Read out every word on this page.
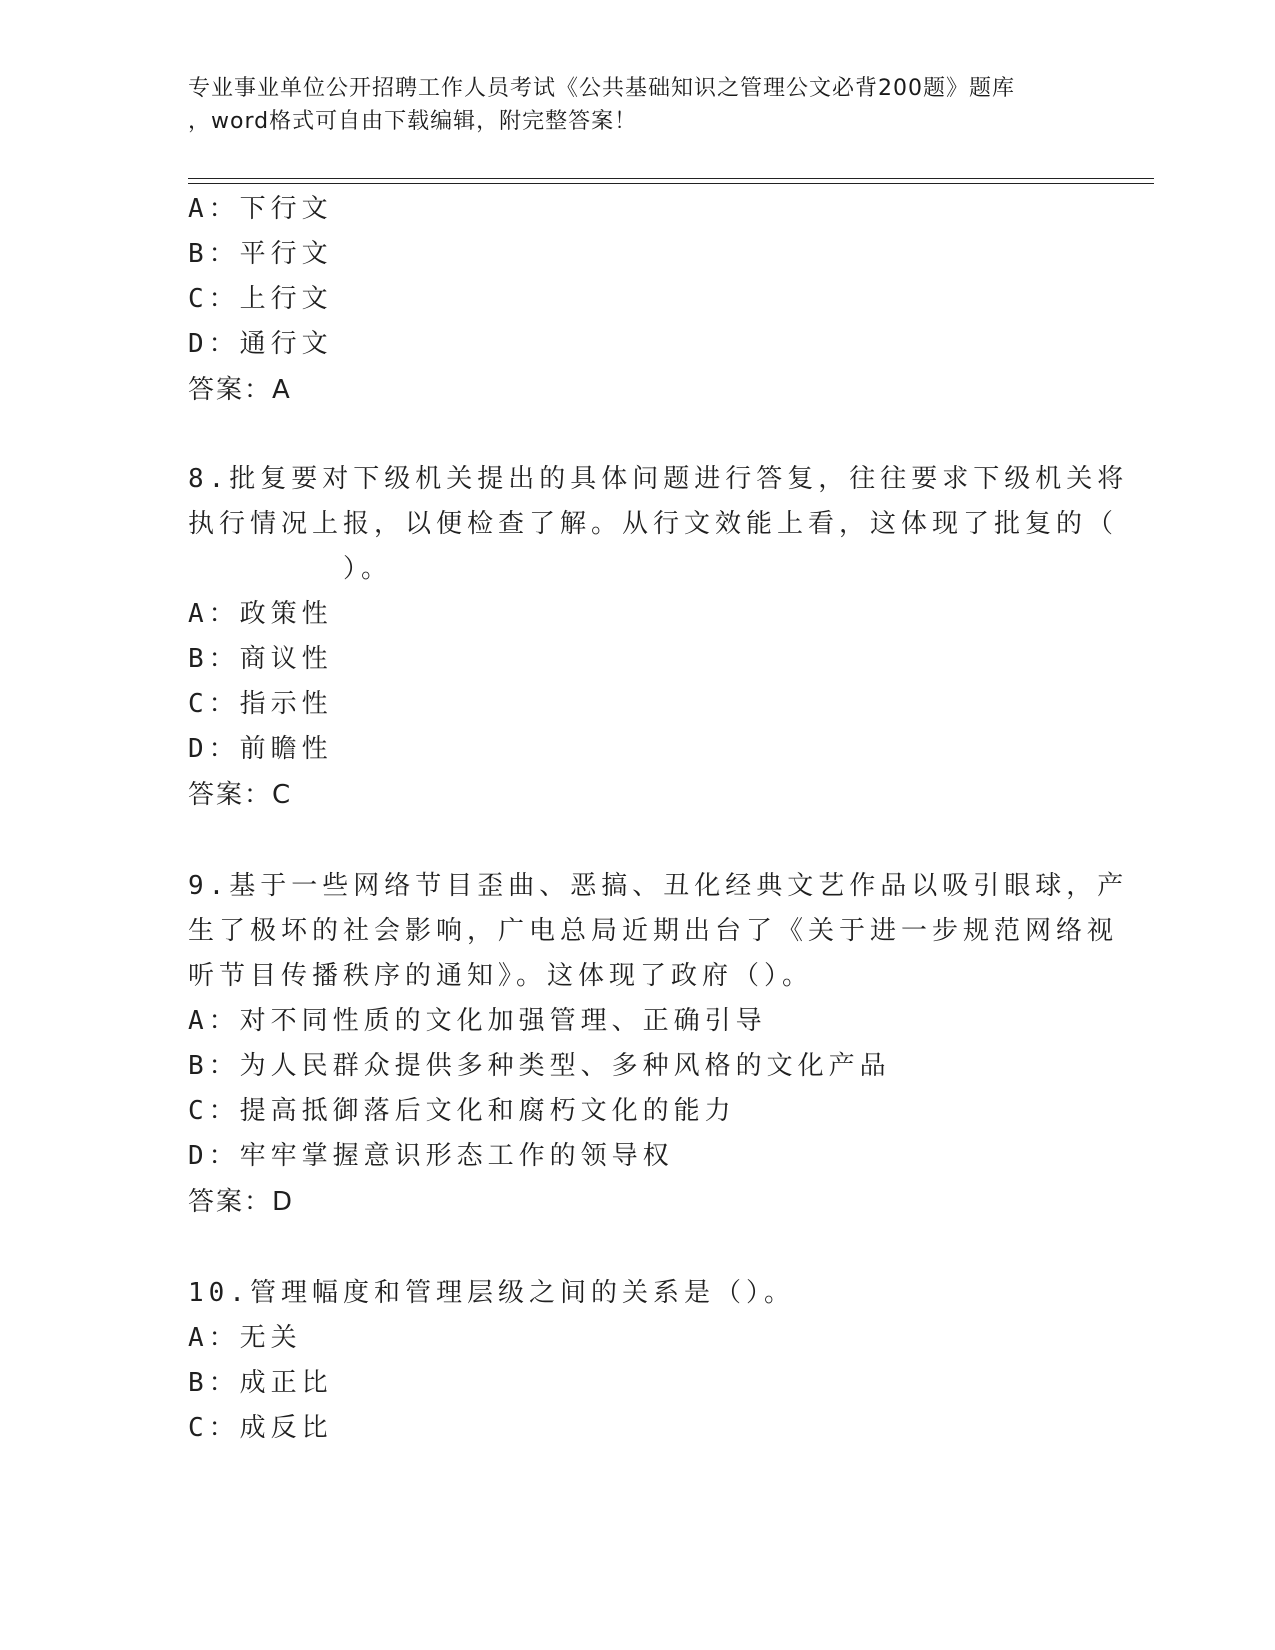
专业事业单位公开招聘工作人员考试《公共基础知识之管理公文必背200题》题库
，word格式可自由下载编辑，附完整答案！
A：下行文
B：平行文
C：上行文
D：通行文
答案：A
8.批复要对下级机关提出的具体问题进行答复，往往要求下级机关将
执行情况上报，以便检查了解。从行文效能上看，这体现了批复的（
　　　　　）。
A：政策性
B：商议性
C：指示性
D：前瞻性
答案：C
9.基于一些网络节目歪曲、恶搞、丑化经典文艺作品以吸引眼球，产
生了极坏的社会影响，广电总局近期出台了《关于进一步规范网络视
听节目传播秩序的通知》。这体现了政府（）。
A：对不同性质的文化加强管理、正确引导
B：为人民群众提供多种类型、多种风格的文化产品
C：提高抵御落后文化和腐朽文化的能力
D：牢牢掌握意识形态工作的领导权
答案：D
10.管理幅度和管理层级之间的关系是（）。
A：无关
B：成正比
C：成反比
